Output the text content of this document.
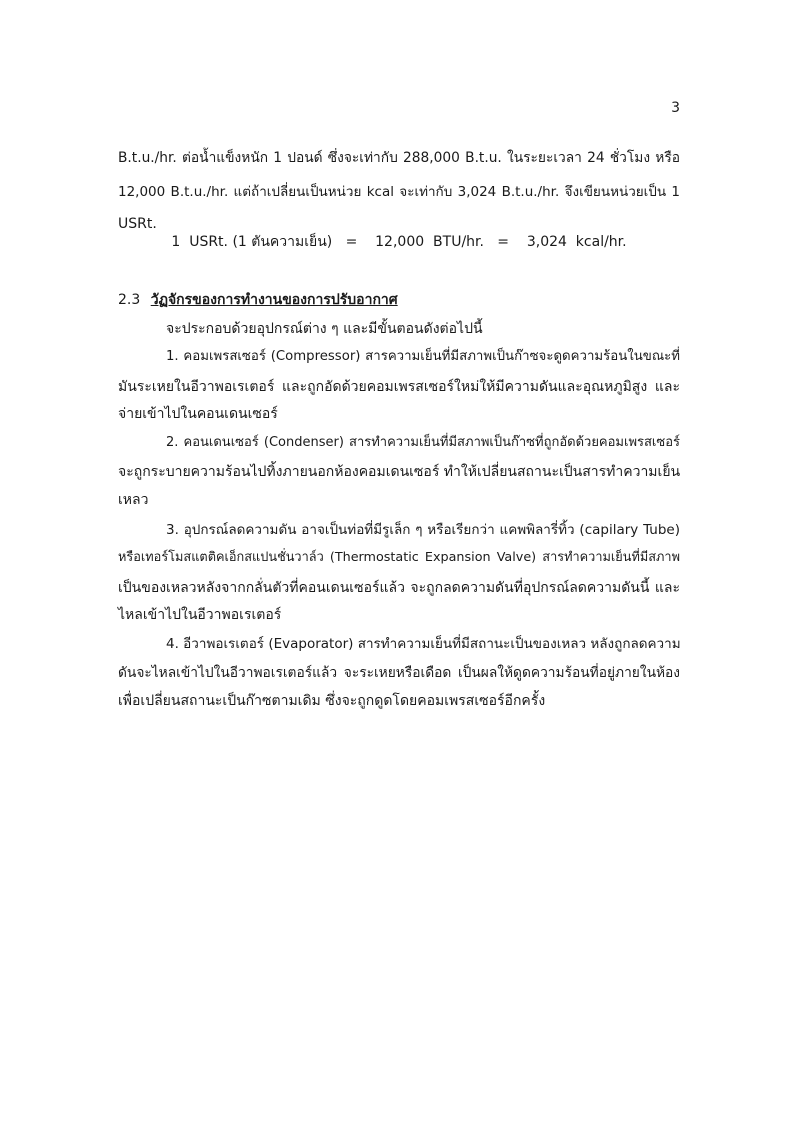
3
B.t.u./hr. ต่อน้ำแข็งหนัก 1 ปอนด์ ซึ่งจะเท่ากับ 288,000 B.t.u. ในระยะเวลา 24 ชั่วโมง หรือ
12,000 B.t.u./hr. แต่ถ้าเปลี่ยนเป็นหน่วย kcal จะเท่ากับ 3,024 B.t.u./hr. จึงเขียนหน่วยเป็น 1
USRt.
1  USRt. (1 ตันความเย็น)   =    12,000  BTU/hr.   =    3,024  kcal/hr.
2.3 วัฏจักรของการทำงานของการปรับอากาศ
จะประกอบด้วยอุปกรณ์ต่าง ๆ และมีขั้นตอนดังต่อไปนี้
1. คอมเพรสเซอร์ (Compressor) สารความเย็นที่มีสภาพเป็นก๊าซจะดูดความร้อนในขณะที่
มันระเหยในอีวาพอเรเตอร์ และถูกอัดด้วยคอมเพรสเซอร์ใหม่ให้มีความดันและอุณหภูมิสูง และ
จ่ายเข้าไปในคอนเดนเซอร์
2. คอนเดนเซอร์ (Condenser) สารทำความเย็นที่มีสภาพเป็นก๊าซที่ถูกอัดด้วยคอมเพรสเซอร์
จะถูกระบายความร้อนไปทิ้งภายนอกห้องคอมเดนเซอร์ ทำให้เปลี่ยนสถานะเป็นสารทำความเย็น
เหลว
3. อุปกรณ์ลดความดัน อาจเป็นท่อที่มีรูเล็ก ๆ หรือเรียกว่า แคพพิลารี่ทิ้ว (capilary Tube)
หรือเทอร์โมสแตติคเอ็กสแปนชั่นวาล์ว (Thermostatic Expansion Valve) สารทำความเย็นที่มีสภาพ
เป็นของเหลวหลังจากกลั่นตัวที่คอนเดนเซอร์แล้ว จะถูกลดความดันที่อุปกรณ์ลดความดันนี้ และ
ไหลเข้าไปในอีวาพอเรเตอร์
4. อีวาพอเรเตอร์ (Evaporator) สารทำความเย็นที่มีสถานะเป็นของเหลว หลังถูกลดความ
ดันจะไหลเข้าไปในอีวาพอเรเตอร์แล้ว จะระเหยหรือเดือด เป็นผลให้ดูดความร้อนที่อยู่ภายในห้อง
เพื่อเปลี่ยนสถานะเป็นก๊าซตามเดิม ซึ่งจะถูกดูดโดยคอมเพรสเซอร์อีกครั้ง
